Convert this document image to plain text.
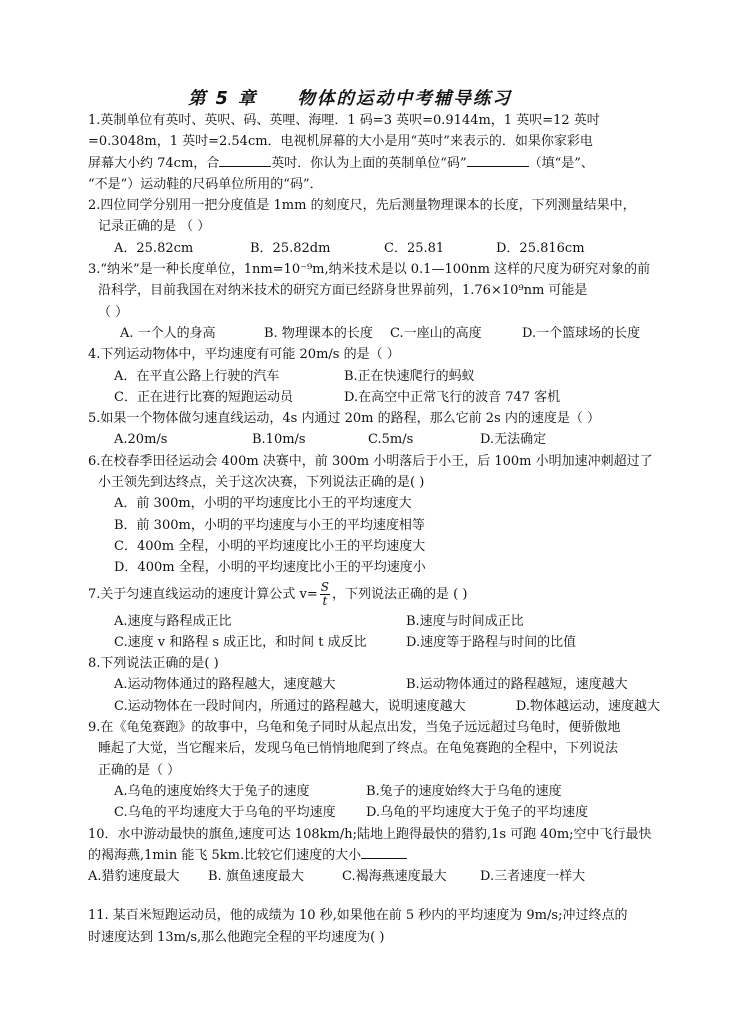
第 5 章 物体的运动中考辅导练习
1.英制单位有英吋、英呎、码、英哩、海哩．1 码=3 英呎=0.9144m，1 英呎=12 英吋
=0.3048m，1 英吋=2.54cm．电视机屏幕的大小是用“英吋”来表示的．如果你家彩电
屏幕大小约 74cm，合	英吋．你认为上面的英制单位“码”	（填“是”、
“不是”）运动鞋的尺码单位所用的“码”．
2.四位同学分别用一把分度值是 1mm 的刻度尺，先后测量物理课本的长度，下列测量结果中，
记录正确的是 （ ）
A．25.82cm	B．25.82dm	C．25.81	D．25.816cm
3.“纳米”是一种长度单位，1nm=10⁻⁹m,纳米技术是以 0.1—100nm 这样的尺度为研究对象的前
沿科学，目前我国在对纳米技术的研究方面已经跻身世界前列，1.76×10⁹nm 可能是
（ ）
A. 一个人的身高	B. 物理课本的长度	C.一座山的高度	D.一个篮球场的长度
4.下列运动物体中，平均速度有可能 20m/s 的是（ ）
A．在平直公路上行驶的汽车	B.正在快速爬行的蚂蚁
C．正在进行比赛的短跑运动员	D.在高空中正常飞行的波音 747 客机
5.如果一个物体做匀速直线运动，4s 内通过 20m 的路程，那么它前 2s 内的速度是（ ）
A.20m/s	B.10m/s	C.5m/s	D.无法确定
6.在校春季田径运动会 400m 决赛中，前 300m 小明落后于小王，后 100m 小明加速冲刺超过了
小王领先到达终点，关于这次决赛，下列说法正确的是( )
A．前 300m，小明的平均速度比小王的平均速度大
B．前 300m，小明的平均速度与小王的平均速度相等
C．400m 全程，小明的平均速度比小王的平均速度大
D．400m 全程，小明的平均速度比小王的平均速度小
7.关于匀速直线运动的速度计算公式 $v= \frac{S}{t}$ ，下列说法正确的是 ( )
A.速度与路程成正比	B.速度与时间成正比
C.速度 v 和路程 s 成正比，和时间 t 成反比	D.速度等于路程与时间的比值
8.下列说法正确的是( )
A.运动物体通过的路程越大，速度越大	B.运动物体通过的路程越短，速度越大
C.运动物体在一段时间内，所通过的路程越大，说明速度越大	D.物体越运动，速度越大
9.在《龟兔赛跑》的故事中，乌龟和兔子同时从起点出发，当兔子远远超过乌龟时，便骄傲地
睡起了大觉，当它醒来后，发现乌龟已悄悄地爬到了终点。在龟兔赛跑的全程中，下列说法
正确的是（ ）
A.乌龟的速度始终大于兔子的速度	B.兔子的速度始终大于乌龟的速度
C.乌龟的平均速度大于乌龟的平均速度	D.乌龟的平均速度大于兔子的平均速度
10．水中游动最快的旗鱼,速度可达 108km/h;陆地上跑得最快的猎豹,1s 可跑 40m;空中飞行最快
的褐海燕,1min 能飞 5km.比较它们速度的大小
A.猎豹速度最大	B. 旗鱼速度最大	C.褐海燕速度最大	D.三者速度一样大
11. 某百米短跑运动员，他的成绩为 10 秒,如果他在前 5 秒内的平均速度为 9m/s;冲过终点的
时速度达到 13m/s,那么他跑完全程的平均速度为( )
